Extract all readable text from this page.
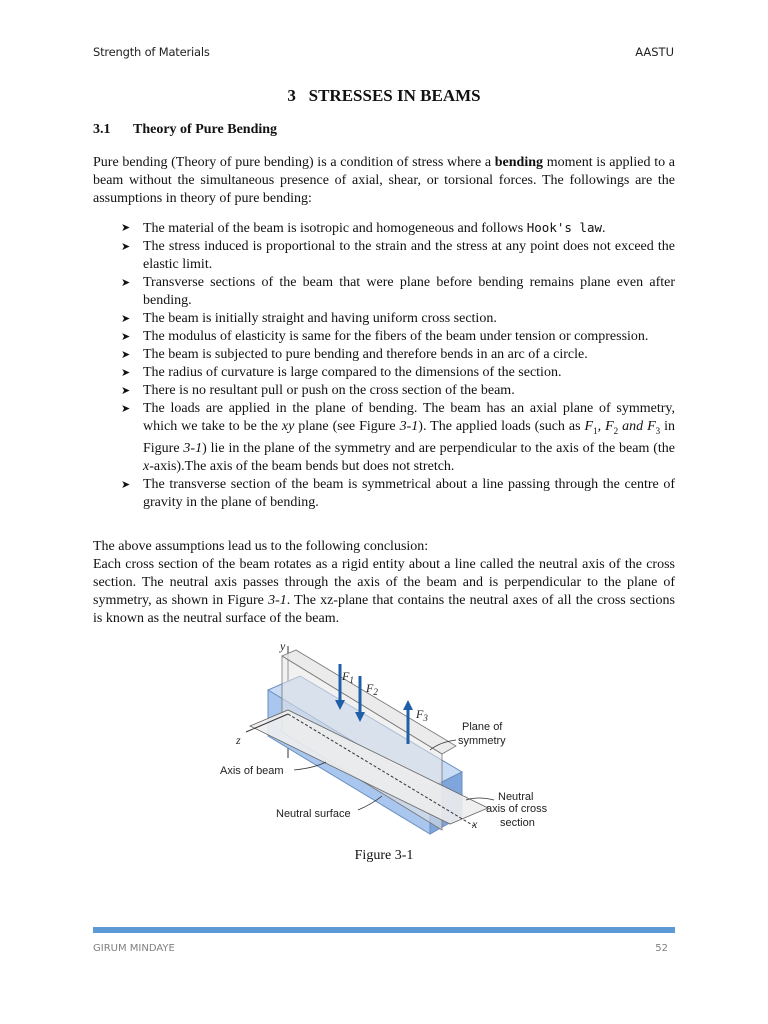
Strength of Materials	AASTU
3   STRESSES IN BEAMS
3.1 Theory of Pure Bending
Pure bending (Theory of pure bending) is a condition of stress where a bending moment is applied to a beam without the simultaneous presence of axial, shear, or torsional forces. The followings are the assumptions in theory of pure bending:
➤ The material of the beam is isotropic and homogeneous and follows Hook's law.
➤ The stress induced is proportional to the strain and the stress at any point does not exceed the elastic limit.
➤ Transverse sections of the beam that were plane before bending remains plane even after bending.
➤ The beam is initially straight and having uniform cross section.
➤ The modulus of elasticity is same for the fibers of the beam under tension or compression.
➤ The beam is subjected to pure bending and therefore bends in an arc of a circle.
➤ The radius of curvature is large compared to the dimensions of the section.
➤ There is no resultant pull or push on the cross section of the beam.
➤ The loads are applied in the plane of bending. The beam has an axial plane of symmetry, which we take to be the xy plane (see Figure 3-1). The applied loads (such as $F_1$, $F_2$ and $F_3$ in Figure 3-1) lie in the plane of the symmetry and are perpendicular to the axis of the beam (the x-axis).The axis of the beam bends but does not stretch.
➤ The transverse section of the beam is symmetrical about a line passing through the centre of gravity in the plane of bending.
The above assumptions lead us to the following conclusion:
Each cross section of the beam rotates as a rigid entity about a line called the neutral axis of the cross section. The neutral axis passes through the axis of the beam and is perpendicular to the plane of symmetry, as shown in Figure 3-1. The xz-plane that contains the neutral axes of all the cross sections is known as the neutral surface of the beam.
y
z
x
$F_1$
$F_2$
$F_3$
Plane of
symmetry
Axis of beam
Neutral surface
Neutral
axis of cross
section
Figure 3-1
GIRUM MINDAYE	52
